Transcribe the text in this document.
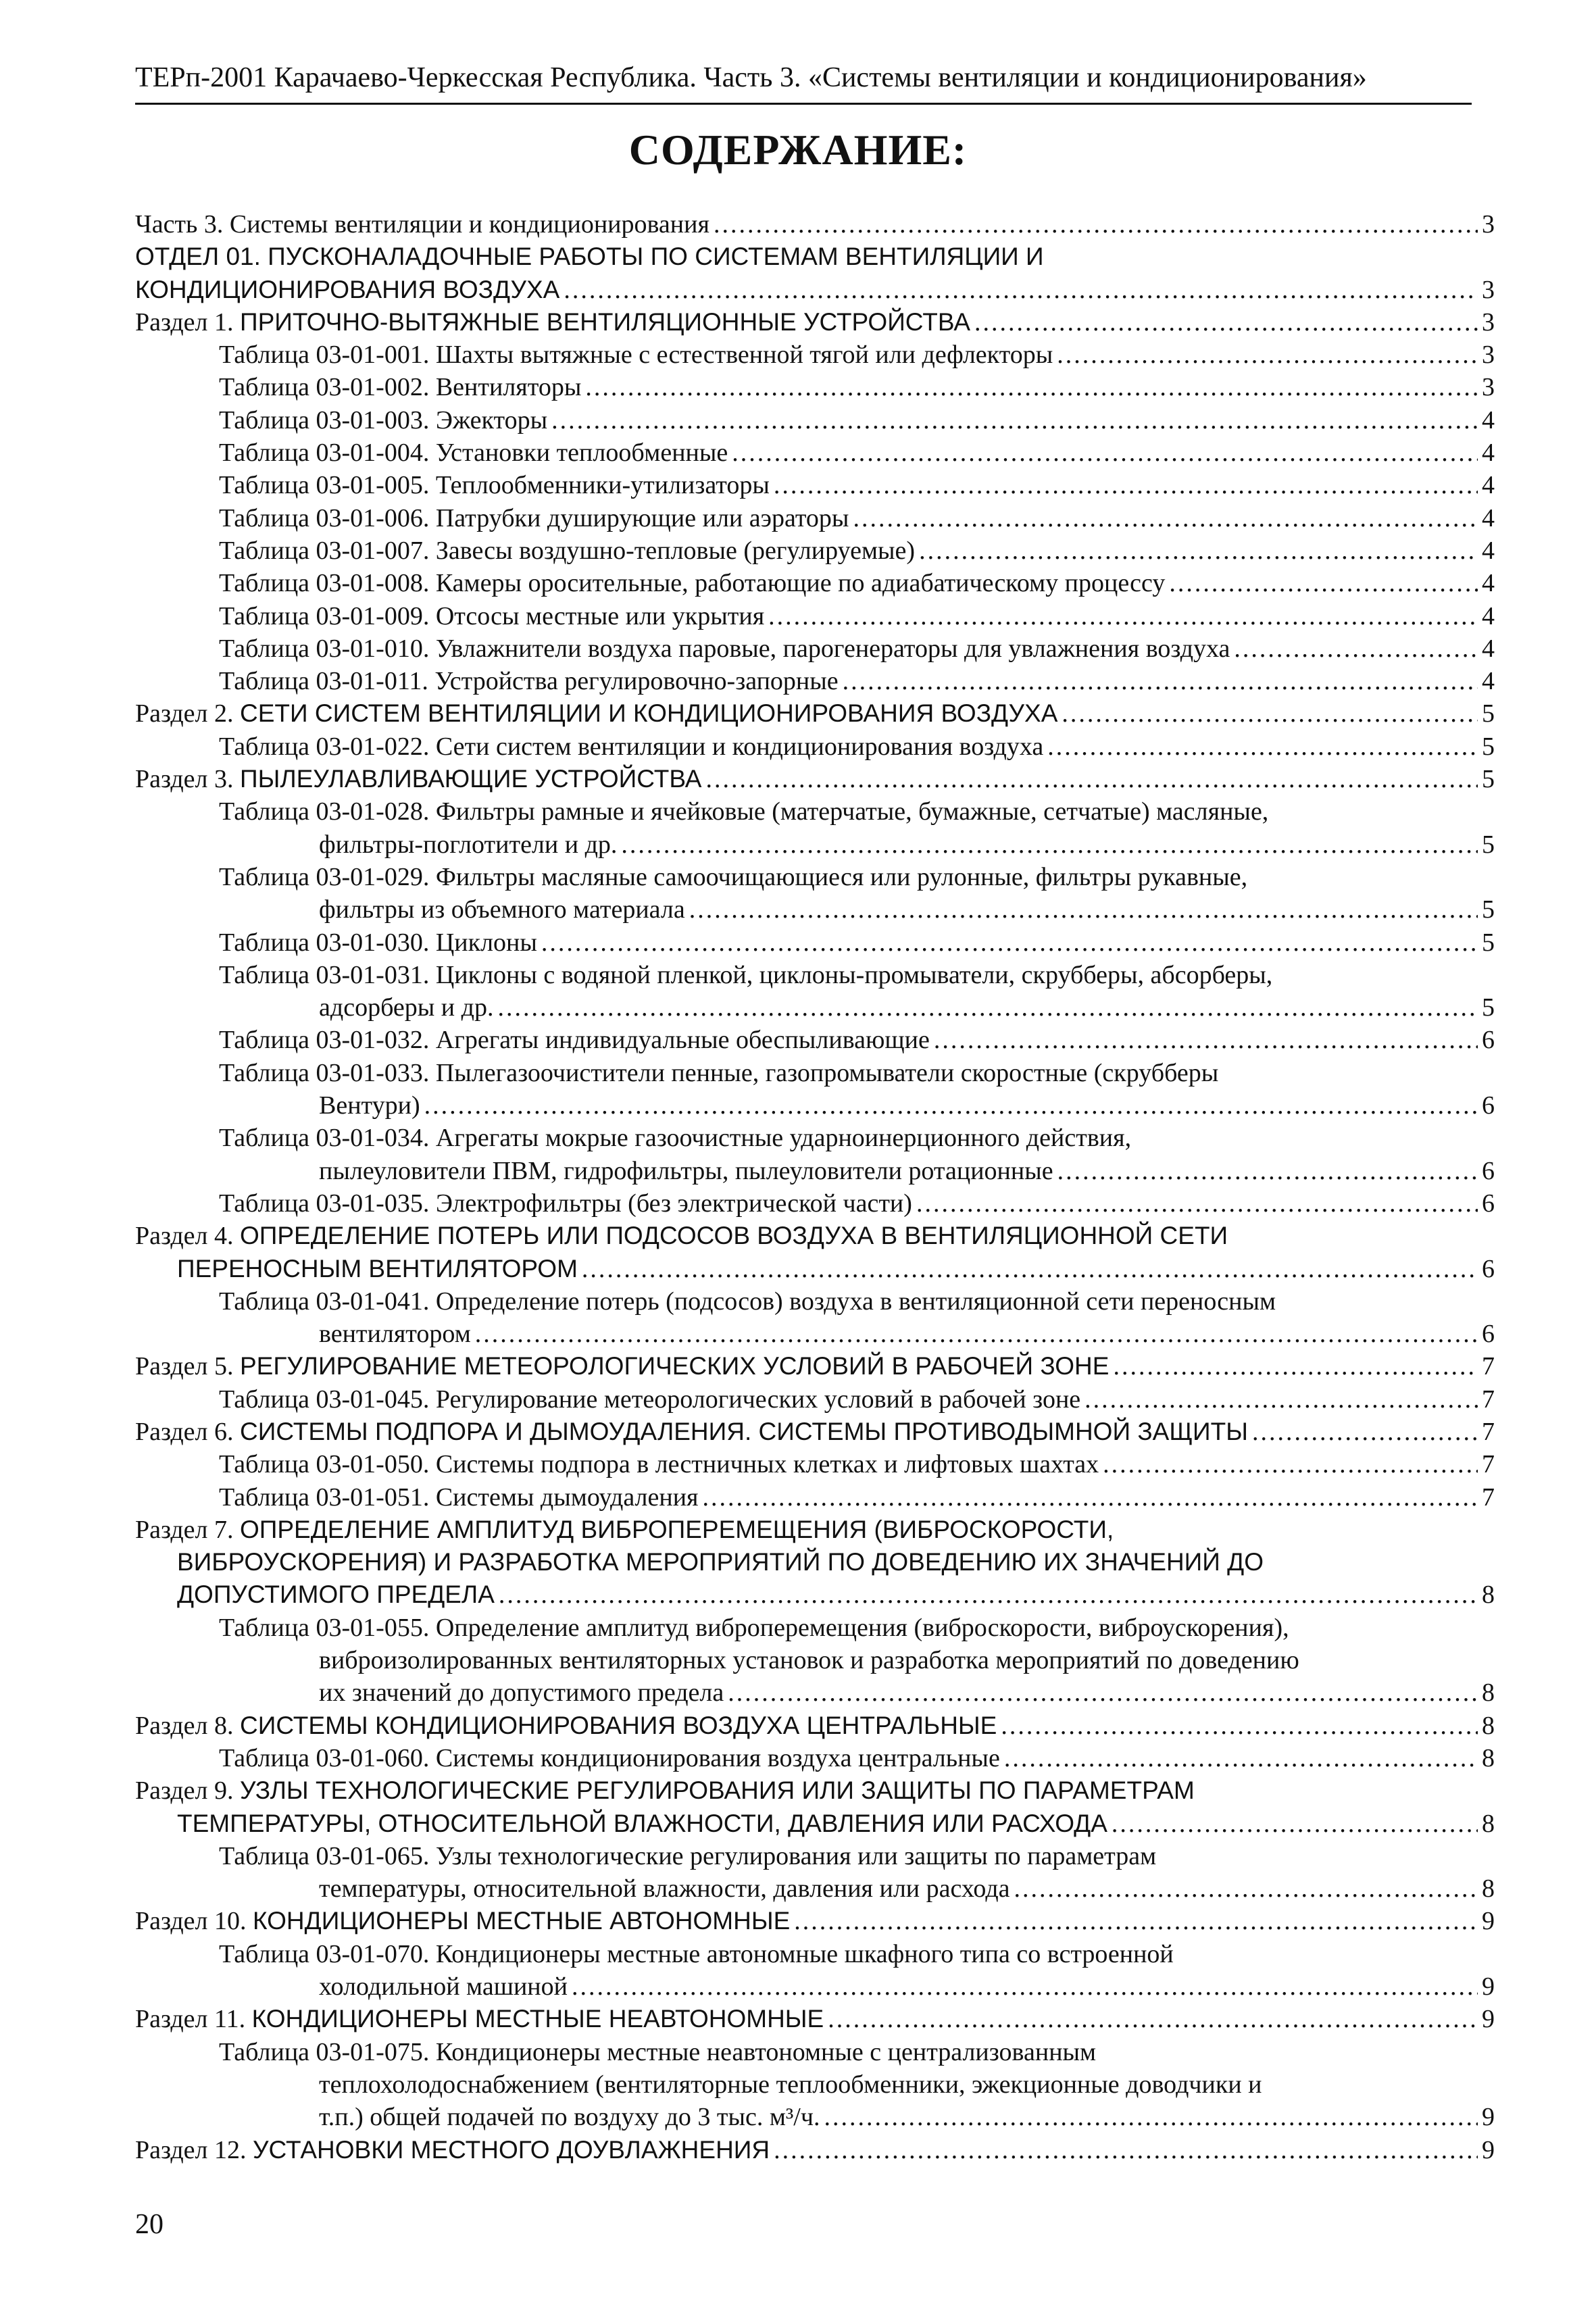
ТЕРп-2001 Карачаево-Черкесская Республика. Часть 3. «Системы вентиляции и кондиционирования»
СОДЕРЖАНИЕ:
Часть 3. Системы вентиляции и кондиционирования .....	3
ОТДЕЛ 01. ПУСКОНАЛАДОЧНЫЕ РАБОТЫ ПО СИСТЕМАМ ВЕНТИЛЯЦИИ И
КОНДИЦИОНИРОВАНИЯ ВОЗДУХА .....	3
Раздел 1. ПРИТОЧНО-ВЫТЯЖНЫЕ ВЕНТИЛЯЦИОННЫЕ УСТРОЙСТВА .....	3
Таблица 03-01-001. Шахты вытяжные с естественной тягой или дефлекторы .....	3
Таблица 03-01-002. Вентиляторы .....	3
Таблица 03-01-003. Эжекторы .....	4
Таблица 03-01-004. Установки теплообменные .....	4
Таблица 03-01-005. Теплообменники-утилизаторы .....	4
Таблица 03-01-006. Патрубки душирующие или аэраторы .....	4
Таблица 03-01-007. Завесы воздушно-тепловые (регулируемые) .....	4
Таблица 03-01-008. Камеры оросительные, работающие по адиабатическому процессу .....	4
Таблица 03-01-009. Отсосы местные или укрытия .....	4
Таблица 03-01-010. Увлажнители воздуха паровые, парогенераторы для увлажнения воздуха .....	4
Таблица 03-01-011. Устройства регулировочно-запорные .....	4
Раздел 2. СЕТИ СИСТЕМ ВЕНТИЛЯЦИИ И КОНДИЦИОНИРОВАНИЯ ВОЗДУХА .....	5
Таблица 03-01-022. Сети систем вентиляции и кондиционирования воздуха .....	5
Раздел 3. ПЫЛЕУЛАВЛИВАЮЩИЕ УСТРОЙСТВА .....	5
Таблица 03-01-028. Фильтры рамные и ячейковые (матерчатые, бумажные, сетчатые) масляные,
фильтры-поглотители и др. .....	5
Таблица 03-01-029. Фильтры масляные самоочищающиеся или рулонные, фильтры рукавные,
фильтры из объемного материала .....	5
Таблица 03-01-030. Циклоны .....	5
Таблица 03-01-031. Циклоны с водяной пленкой, циклоны-промыватели, скрубберы, абсорберы,
адсорберы и др. .....	5
Таблица 03-01-032. Агрегаты индивидуальные обеспыливающие .....	6
Таблица 03-01-033. Пылегазоочистители пенные, газопромыватели скоростные (скрубберы
Вентури) .....	6
Таблица 03-01-034. Агрегаты мокрые газоочистные ударноинерционного действия,
пылеуловители ПВМ, гидрофильтры, пылеуловители ротационные .....	6
Таблица 03-01-035. Электрофильтры (без электрической части) .....	6
Раздел 4. ОПРЕДЕЛЕНИЕ ПОТЕРЬ ИЛИ ПОДСОСОВ ВОЗДУХА В ВЕНТИЛЯЦИОННОЙ СЕТИ
ПЕРЕНОСНЫМ ВЕНТИЛЯТОРОМ .....	6
Таблица 03-01-041. Определение потерь (подсосов) воздуха в вентиляционной сети переносным
вентилятором .....	6
Раздел 5. РЕГУЛИРОВАНИЕ МЕТЕОРОЛОГИЧЕСКИХ УСЛОВИЙ В РАБОЧЕЙ ЗОНЕ .....	7
Таблица 03-01-045. Регулирование метеорологических условий в рабочей зоне .....	7
Раздел 6. СИСТЕМЫ ПОДПОРА И ДЫМОУДАЛЕНИЯ. СИСТЕМЫ ПРОТИВОДЫМНОЙ ЗАЩИТЫ .....	7
Таблица 03-01-050. Системы подпора в лестничных клетках и лифтовых шахтах .....	7
Таблица 03-01-051. Системы дымоудаления .....	7
Раздел 7. ОПРЕДЕЛЕНИЕ АМПЛИТУД ВИБРОПЕРЕМЕЩЕНИЯ (ВИБРОСКОРОСТИ,
ВИБРОУСКОРЕНИЯ) И РАЗРАБОТКА МЕРОПРИЯТИЙ ПО ДОВЕДЕНИЮ ИХ ЗНАЧЕНИЙ ДО
ДОПУСТИМОГО ПРЕДЕЛА .....	8
Таблица 03-01-055. Определение амплитуд виброперемещения (виброскорости, виброускорения),
виброизолированных вентиляторных установок и разработка мероприятий по доведению
их значений до допустимого предела .....	8
Раздел 8. СИСТЕМЫ КОНДИЦИОНИРОВАНИЯ ВОЗДУХА ЦЕНТРАЛЬНЫЕ .....	8
Таблица 03-01-060. Системы кондиционирования воздуха центральные .....	8
Раздел 9. УЗЛЫ ТЕХНОЛОГИЧЕСКИЕ РЕГУЛИРОВАНИЯ ИЛИ ЗАЩИТЫ ПО ПАРАМЕТРАМ
ТЕМПЕРАТУРЫ, ОТНОСИТЕЛЬНОЙ ВЛАЖНОСТИ, ДАВЛЕНИЯ ИЛИ РАСХОДА .....	8
Таблица 03-01-065. Узлы технологические регулирования или защиты по параметрам
температуры, относительной влажности, давления или расхода .....	8
Раздел 10. КОНДИЦИОНЕРЫ МЕСТНЫЕ АВТОНОМНЫЕ .....	9
Таблица 03-01-070. Кондиционеры местные автономные шкафного типа со встроенной
холодильной машиной .....	9
Раздел 11. КОНДИЦИОНЕРЫ МЕСТНЫЕ НЕАВТОНОМНЫЕ .....	9
Таблица 03-01-075. Кондиционеры местные неавтономные с централизованным
теплохолодоснабжением (вентиляторные теплообменники, эжекционные доводчики и
т.п.) общей подачей по воздуху до 3 тыс. м³/ч. .....	9
Раздел 12. УСТАНОВКИ МЕСТНОГО ДОУВЛАЖНЕНИЯ .....	9
20
